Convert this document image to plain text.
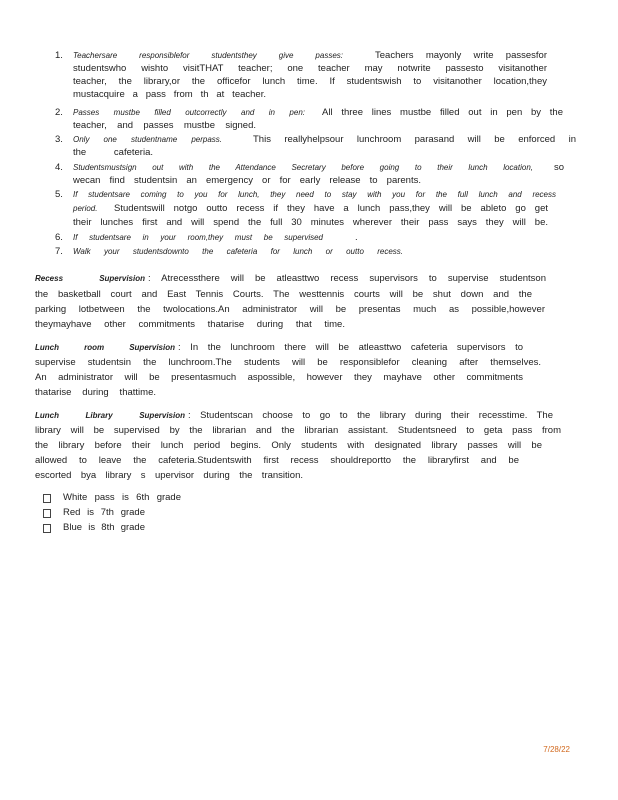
1. Teachersare responsiblefor studentsthey give passes:	Teachers mayonly write passesfor
studentswho wishto visitTHAT teacher; one teacher may notwrite passesto visitanother
teacher, the library,or the officefor lunch time. If studentswish to visitanother location,they
mustacquire a pass from th at teacher.
2. Passes mustbe filled outcorrectly and in pen: All three lines mustbe filled out in pen by the
teacher, and passes mustbe signed.
3. Only one studentname perpass.	This reallyhelpsour lunchroom parasand will be enforced in
the cafeteria.
4. Studentsmustsign out with the Attendance Secretary before going to their lunch location, so
wecan find studentsin an emergency or for early release to parents.
5. If studentsare coming to you for lunch, they need to stay with you for the full lunch and recess
period.	Studentswill notgo outto recess if they have a lunch pass,they will be ableto go get
their lunches first and will spend the full 30 minutes wherever their pass says they will be.
6. If studentsare in your room,they must be supervised	.
7. Walk your studentsdownto the cafeteria for lunch or outto recess.
Recess Supervision : Atrecessthere will be atleasttwo recess supervisors to supervise studentson
the basketball court and East Tennis Courts. The westtennis courts will be shut down and the
parking lotbetween the twolocations.An administrator will be presentas much as possible,however
theymayhave other commitments thatarise during that time.
Lunch room Supervision : In the lunchroom there will be atleasttwo cafeteria supervisors to
supervise studentsin the lunchroom.The students will be responsiblefor cleaning after themselves.
An administrator will be presentasmuch aspossible, however they mayhave other commitments
thatarise during thattime.
Lunch Library Supervision : Studentscan choose to go to the library during their recesstime. The
library will be supervised by the librarian and the librarian assistant. Studentsneed to geta pass from
the library before their lunch period begins. Only students with designated library passes will be
allowed to leave the cafeteria.Studentswith first recess shouldreportto the libraryfirst and be
escorted bya library s upervisor during the transition.
White pass is 6th grade
Red is 7th grade
Blue is 8th grade
7/28/22
